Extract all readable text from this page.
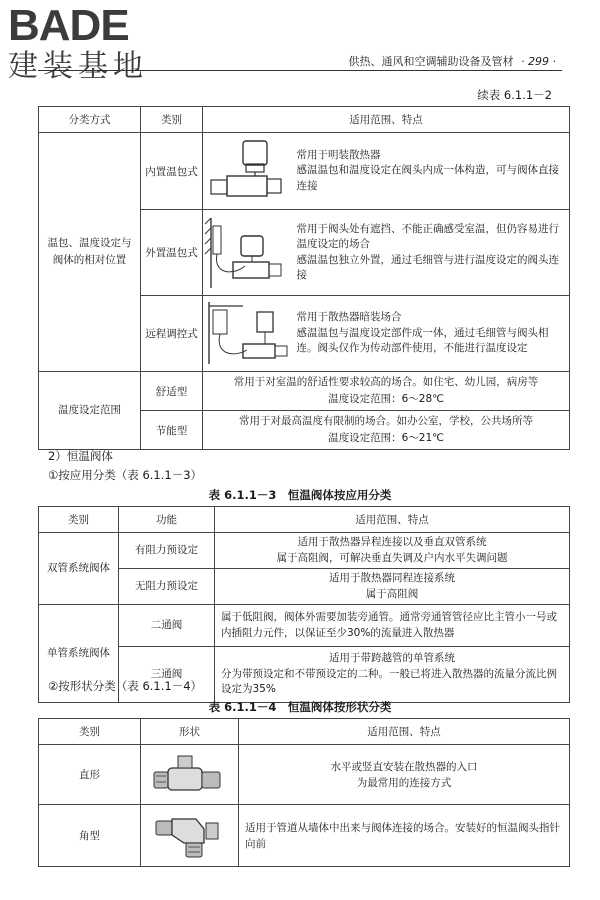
BADE
建装基地	供热、通风和空调辅助设备及管材 · 299 ·
续表 6.1.1－2
分类方式	类别	适用范围、特点	
温包、温度设定与阀体的相对位置	内置温包式		常用于明装散热器
感温温包和温度设定在阀头内成一体构造，可与阀体直接连接

	外置温包式		常用于阀头处有遮挡、不能正确感受室温，但仍容易进行温度设定的场合
感温温包独立外置，通过毛细管与进行温度设定的阀头连接

	远程调控式		常用于散热器暗装场合
感温温包与温度设定部件成一体，通过毛细管与阀头相连。阀头仅作为传动部件使用，不能进行温度设定

温度设定范围	舒适型	常用于对室温的舒适性要求较高的场合。如住宅、幼儿园，病房等
温度设定范围：6～28℃	

	节能型	常用于对最高温度有限制的场合。如办公室，学校，公共场所等
温度设定范围：6～21℃	
2）恒温阀体
①按应用分类（表 6.1.1－3）
表 6.1.1－3　恒温阀体按应用分类
类别	功能	适用范围、特点
双管系统阀体	有阻力预设定	适用于散热器异程连接以及垂直双管系统
属于高阻阀，可解决垂直失调及户内水平失调问题

	无阻力预设定	适用于散热器同程连接系统
属于高阻阀

单管系统阀体	二通阀	属于低阻阀，阀体外需要加装旁通管。通常旁通管管径应比主管小一号或内插阻力元件，以保证至少30%的流量进入散热器
	三通阀	适用于带跨越管的单管系统
分为带预设定和不带预设定的二种。一般已将进入散热器的流量分流比例设定为35%
②按形状分类（表 6.1.1－4）
表 6.1.1－4　恒温阀体按形状分类
类别	形状	适用范围、特点
直形		水平或竖直安装在散热器的入口
为最常用的连接方式

角型		适用于管道从墙体中出来与阀体连接的场合。安装好的恒温阀头指针向前
